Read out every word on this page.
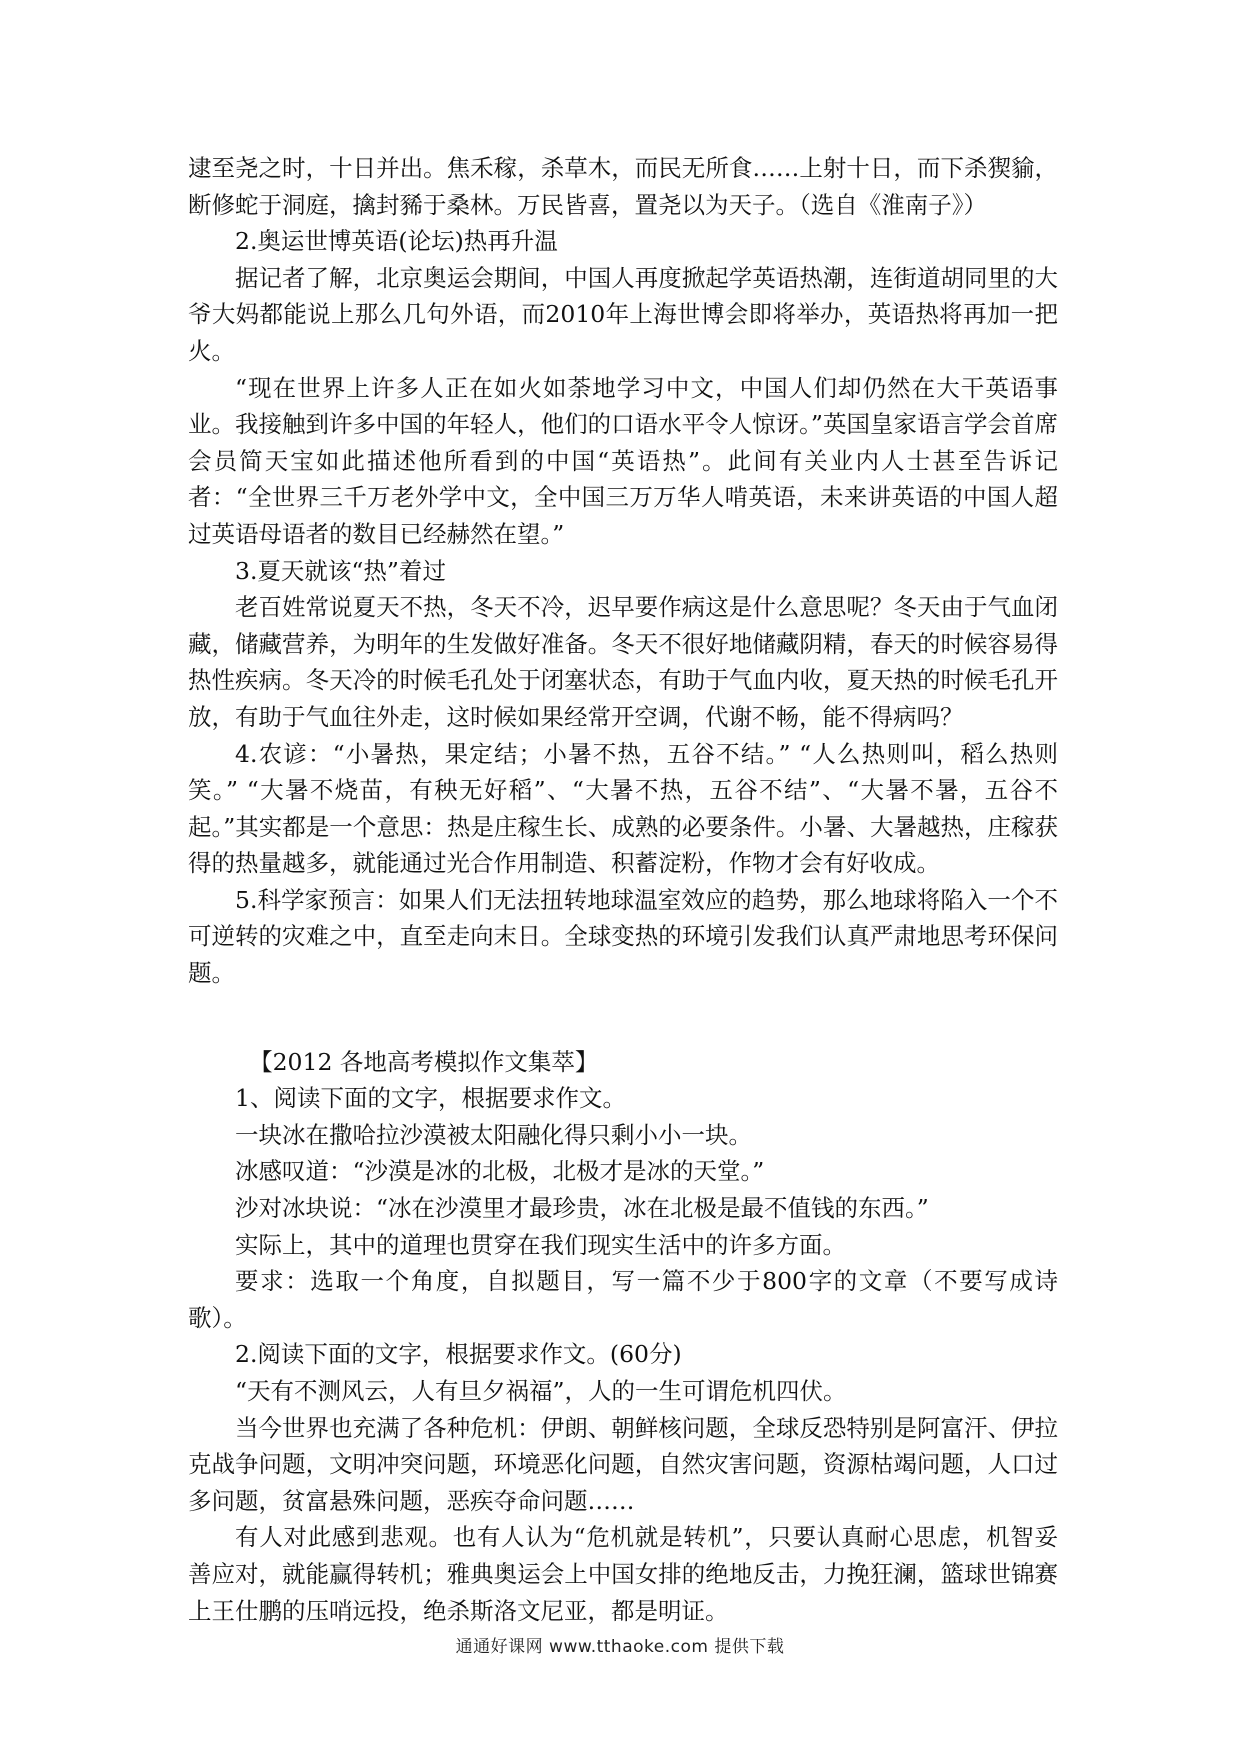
逮至尧之时，十日并出。焦禾稼，杀草木，而民无所食……上射十日，而下杀猰貐，断修蛇于洞庭，擒封豨于桑林。万民皆喜，置尧以为天子。（选自《淮南子》）

2.奥运世博英语(论坛)热再升温

据记者了解，北京奥运会期间，中国人再度掀起学英语热潮，连街道胡同里的大爷大妈都能说上那么几句外语，而2010年上海世博会即将举办，英语热将再加一把火。

“现在世界上许多人正在如火如荼地学习中文，中国人们却仍然在大干英语事业。我接触到许多中国的年轻人，他们的口语水平令人惊讶。”英国皇家语言学会首席会员简天宝如此描述他所看到的中国“英语热”。此间有关业内人士甚至告诉记者：“全世界三千万老外学中文，全中国三万万华人啃英语，未来讲英语的中国人超过英语母语者的数目已经赫然在望。”

3.夏天就该“热”着过

老百姓常说夏天不热，冬天不冷，迟早要作病这是什么意思呢？冬天由于气血闭藏，储藏营养，为明年的生发做好准备。冬天不很好地储藏阴精，春天的时候容易得热性疾病。冬天冷的时候毛孔处于闭塞状态，有助于气血内收，夏天热的时候毛孔开放，有助于气血往外走，这时候如果经常开空调，代谢不畅，能不得病吗？

4.农谚：“小暑热，果定结；小暑不热，五谷不结。” “人么热则叫，稻么热则笑。” “大暑不烧苗，有秧无好稻”、“大暑不热，五谷不结”、“大暑不暑，五谷不起。”其实都是一个意思：热是庄稼生长、成熟的必要条件。小暑、大暑越热，庄稼获得的热量越多，就能通过光合作用制造、积蓄淀粉，作物才会有好收成。

5.科学家预言：如果人们无法扭转地球温室效应的趋势，那么地球将陷入一个不可逆转的灾难之中，直至走向末日。全球变热的环境引发我们认真严肃地思考环保问题。

【2012 各地高考模拟作文集萃】

1、阅读下面的文字，根据要求作文。

一块冰在撒哈拉沙漠被太阳融化得只剩小小一块。

冰感叹道：“沙漠是冰的北极，北极才是冰的天堂。”

沙对冰块说：“冰在沙漠里才最珍贵，冰在北极是最不值钱的东西。”

实际上，其中的道理也贯穿在我们现实生活中的许多方面。

要求：选取一个角度，自拟题目，写一篇不少于800字的文章（不要写成诗歌）。

2.阅读下面的文字，根据要求作文。(60分)

“天有不测风云，人有旦夕祸福”，人的一生可谓危机四伏。

当今世界也充满了各种危机：伊朗、朝鲜核问题，全球反恐特别是阿富汗、伊拉克战争问题，文明冲突问题，环境恶化问题，自然灾害问题，资源枯竭问题，人口过多问题，贫富悬殊问题，恶疾夺命问题……

有人对此感到悲观。也有人认为“危机就是转机”，只要认真耐心思虑，机智妥善应对，就能赢得转机；雅典奥运会上中国女排的绝地反击，力挽狂澜，篮球世锦赛上王仕鹏的压哨远投，绝杀斯洛文尼亚，都是明证。

通通好课网 www.tthaoke.com 提供下载
